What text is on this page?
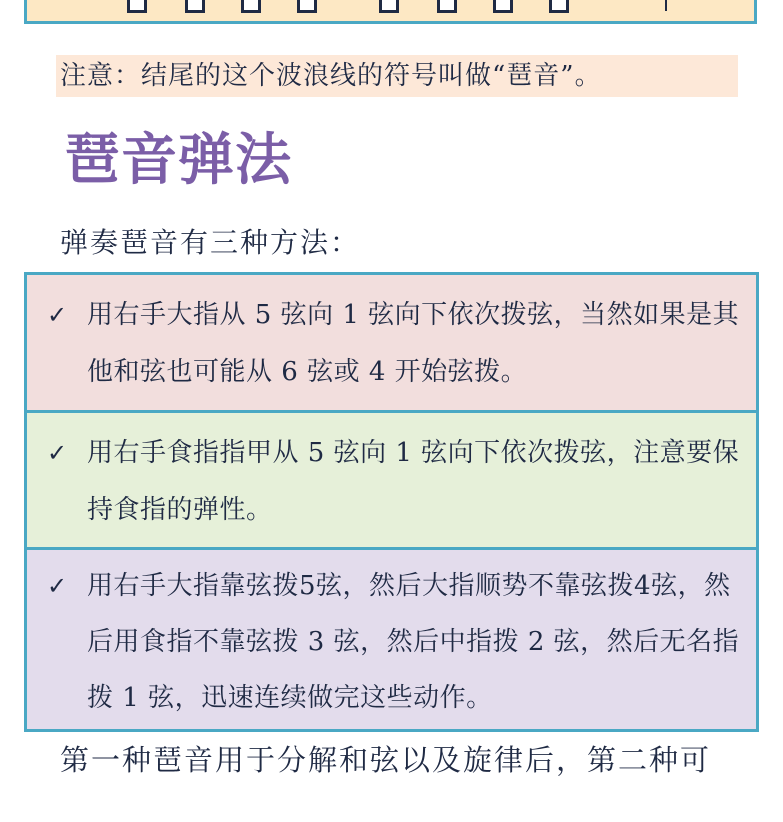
注意：结尾的这个波浪线的符号叫做“琶音”。
琶音弹法
弹奏琶音有三种方法：
✓ 用右手大指从 5 弦向 1 弦向下依次拨弦，当然如果是其他和弦也可能从 6 弦或 4 开始弦拨。
✓ 用右手食指指甲从 5 弦向 1 弦向下依次拨弦，注意要保持食指的弹性。
✓ 用右手大指靠弦拨5弦，然后大指顺势不靠弦拨4弦，然后用食指不靠弦拨 3 弦，然后中指拨 2 弦，然后无名指拨 1 弦，迅速连续做完这些动作。
第一种琶音用于分解和弦以及旋律后，第二种可
